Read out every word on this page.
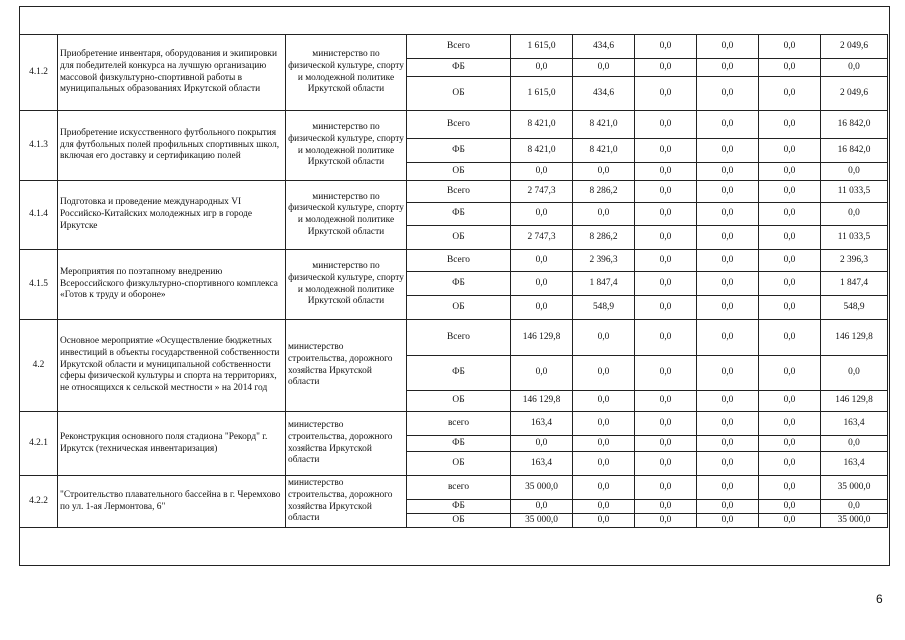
4.1.2	Приобретение инвентаря, оборудования и экипировки для победителей конкурса на лучшую организацию массовой физкультурно-спортивной работы в муниципальных образованиях Иркутской области	министерство по физической культуре, спорту и молодежной политике Иркутской области	Всего	1 615,0	434,6	0,0	0,0	0,0	2 049,6
			ФБ	0,0	0,0	0,0	0,0	0,0	0,0
			ОБ	1 615,0	434,6	0,0	0,0	0,0	2 049,6
4.1.3	Приобретение искусственного футбольного покрытия для футбольных полей профильных спортивных школ, включая его доставку и сертификацию полей	министерство по физической культуре, спорту и молодежной политике Иркутской области	Всего	8 421,0	8 421,0	0,0	0,0	0,0	16 842,0
			ФБ	8 421,0	8 421,0	0,0	0,0	0,0	16 842,0
			ОБ	0,0	0,0	0,0	0,0	0,0	0,0
4.1.4	Подготовка и проведение международных VI Российско-Китайских молодежных игр в городе Иркутске	министерство по физической культуре, спорту и молодежной политике Иркутской области	Всего	2 747,3	8 286,2	0,0	0,0	0,0	11 033,5
			ФБ	0,0	0,0	0,0	0,0	0,0	0,0
			ОБ	2 747,3	8 286,2	0,0	0,0	0,0	11 033,5
4.1.5	Мероприятия по поэтапному внедрению Всероссийского физкультурно-спортивного комплекса «Готов к труду и обороне»	министерство по физической культуре, спорту и молодежной политике Иркутской области	Всего	0,0	2 396,3	0,0	0,0	0,0	2 396,3
			ФБ	0,0	1 847,4	0,0	0,0	0,0	1 847,4
			ОБ	0,0	548,9	0,0	0,0	0,0	548,9
4.2	Основное мероприятие «Осуществление бюджетных инвестиций в объекты государственной собственности Иркутской области и муниципальной собственности сферы физической культуры и спорта на территориях, не относящихся к сельской местности » на 2014 год	министерство строительства, дорожного хозяйства Иркутской области	Всего	146 129,8	0,0	0,0	0,0	0,0	146 129,8
			ФБ	0,0	0,0	0,0	0,0	0,0	0,0
			ОБ	146 129,8	0,0	0,0	0,0	0,0	146 129,8
4.2.1	Реконструкция основного поля стадиона "Рекорд" г. Иркутск (техническая инвентаризация)	министерство строительства, дорожного хозяйства Иркутской области	всего	163,4	0,0	0,0	0,0	0,0	163,4
			ФБ	0,0	0,0	0,0	0,0	0,0	0,0
			ОБ	163,4	0,0	0,0	0,0	0,0	163,4
4.2.2	"Строительство плавательного бассейна в г. Черемхово по ул. 1-ая Лермонтова, 6"	министерство строительства, дорожного хозяйства Иркутской области	всего	35 000,0	0,0	0,0	0,0	0,0	35 000,0
			ФБ	0,0	0,0	0,0	0,0	0,0	0,0
			ОБ	35 000,0	0,0	0,0	0,0	0,0	35 000,0
6
